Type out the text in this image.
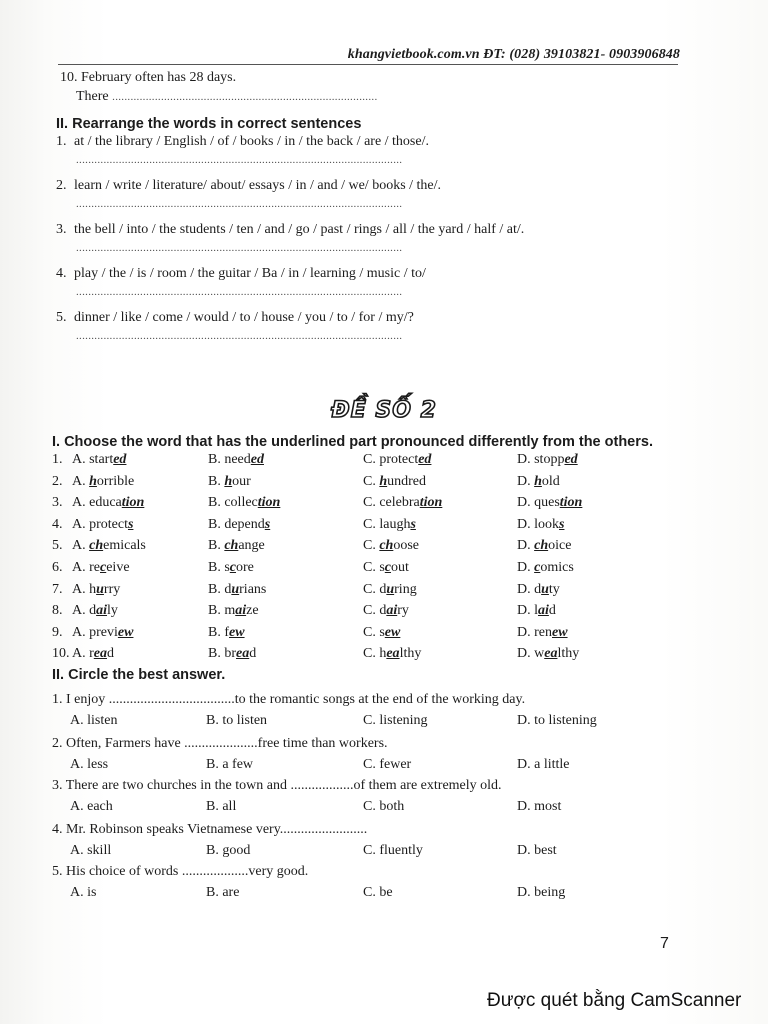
khangvietbook.com.vn ĐT: (028) 39103821- 0903906848
10. February often has 28 days.
There .......................................................................................
II. Rearrange the words in correct sentences
1. at / the library / English / of / books / in / the back / are / those/.
...........................................................................................................
2. learn / write / literature/ about/ essays / in / and / we/ books / the/.
...........................................................................................................
3. the bell / into / the students / ten / and / go / past / rings / all / the yard / half / at/.
...........................................................................................................
4. play / the / is / room / the guitar / Ba / in / learning / music / to/
...........................................................................................................
5. dinner / like / come / would / to / house / you / to / for / my/?
...........................................................................................................
ĐỀ SỐ 2
I. Choose the word that has the underlined part pronounced differently from the others.
1. A. started	B. needed	C. protected	D. stopped
2. A. horrible	B. hour	C. hundred	D. hold
3. A. education	B. collection	C. celebration	D. question
4. A. protects	B. depends	C. laughs	D. looks
5. A. chemicals	B. change	C. choose	D. choice
6. A. receive	B. score	C. scout	D. comics
7. A. hurry	B. durians	C. during	D. duty
8. A. daily	B. maize	C. dairy	D. laid
9. A. preview	B. few	C. sew	D. renew
10. A. read	B. bread	C. healthy	D. wealthy
II. Circle the best answer.
1. I enjoy ....................................to the romantic songs at the end of the working day.
A. listen	B. to listen	C. listening	D. to listening
2. Often, Farmers have .....................free time than workers.
A. less	B. a few	C. fewer	D. a little
3. There are two churches in the town and ..................of them are extremely old.
A. each	B. all	C. both	D. most
4. Mr. Robinson speaks Vietnamese very.........................
A. skill	B. good	C. fluently	D. best
5. His choice of words ...................very good.
A. is	B. are	C. be	D. being
7
Được quét bằng CamScanner
